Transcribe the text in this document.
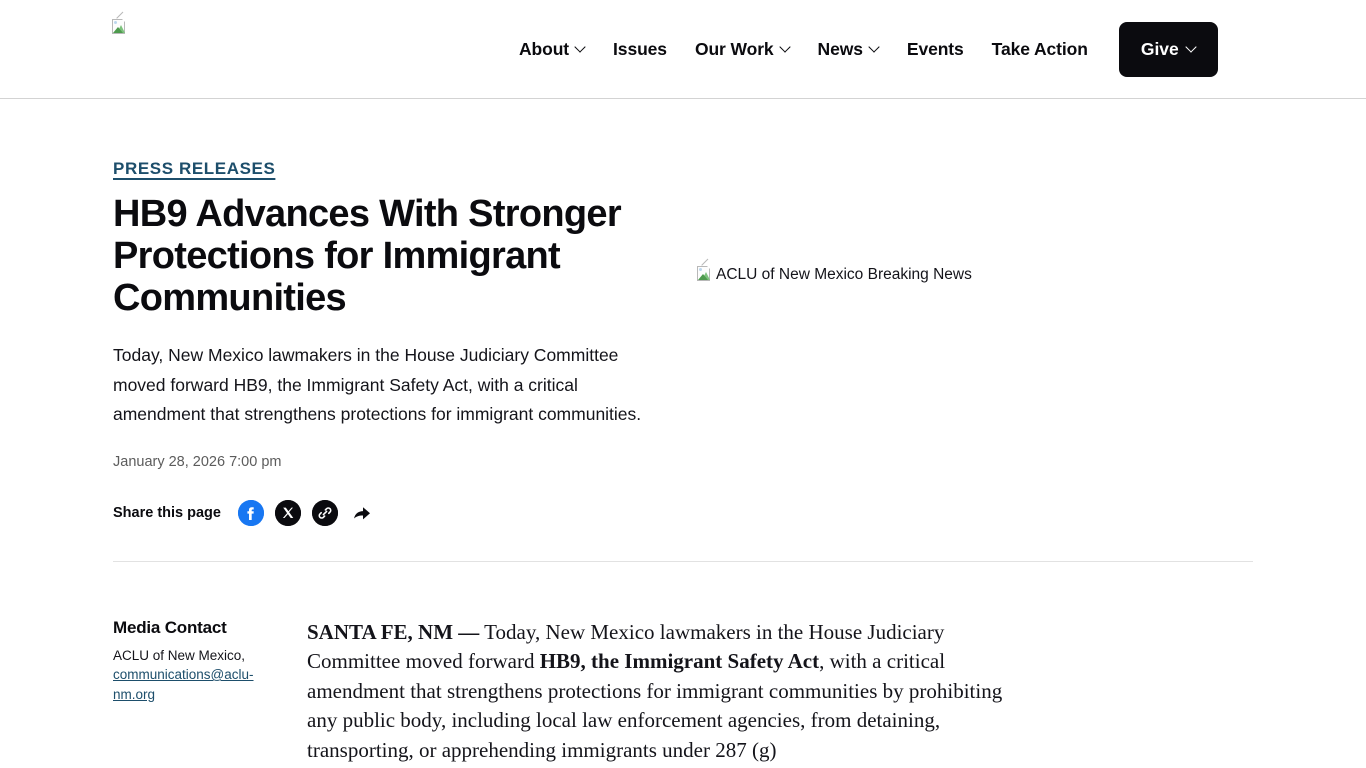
About	Issues Our Work	News	Events Take Action	Give
PRESS RELEASES
HB9 Advances With Stronger Protections for Immigrant Communities

Today, New Mexico lawmakers in the House Judiciary Committee moved forward HB9, the Immigrant Safety Act, with a critical amendment that strengthens protections for immigrant communities.

January 28, 2026 7:00 pm
Share this page
ACLU of New Mexico Breaking News
Media Contact
ACLU of New Mexico,
communications@aclu-nm.org

SANTA FE, NM — Today, New Mexico lawmakers in the House Judiciary Committee moved forward HB9, the Immigrant Safety Act, with a critical amendment that strengthens protections for immigrant communities by prohibiting any public body, including local law enforcement agencies, from detaining, transporting, or apprehending immigrants under 287 (g)
